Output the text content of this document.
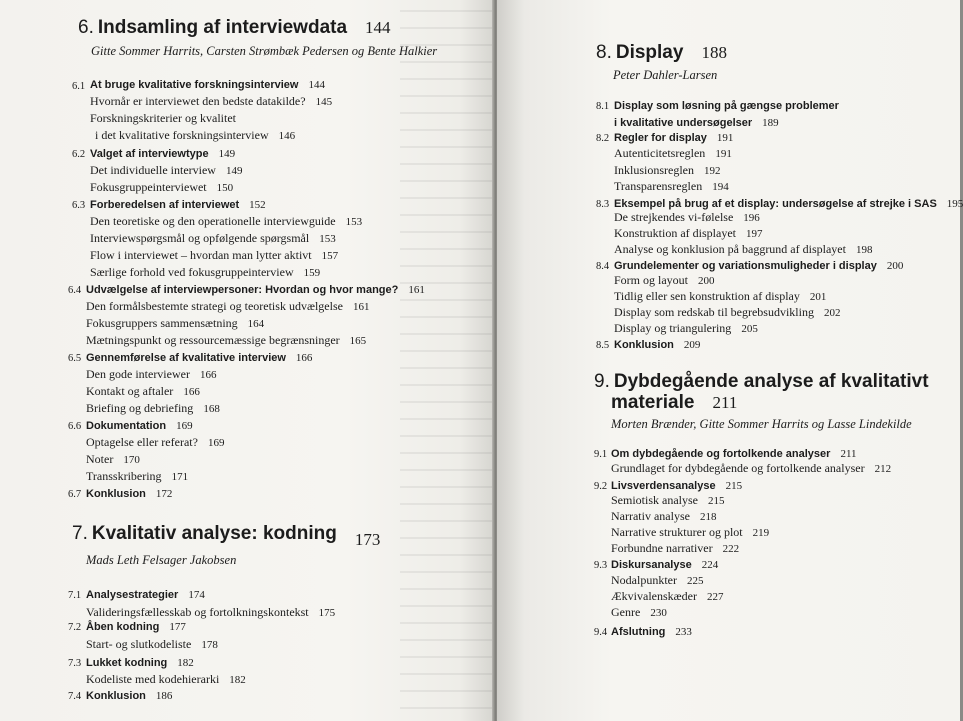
6. Indsamling af interviewdata 144
Gitte Sommer Harrits, Carsten Strømbæk Pedersen og Bente Halkier
6.1 At bruge kvalitative forskningsinterview 144
Hvornår er interviewet den bedste datakilde? 145
Forskningskriterier og kvalitet
i det kvalitative forskningsinterview 146
6.2 Valget af interviewtype 149
Det individuelle interview 149
Fokusgruppeinterviewet 150
6.3 Forberedelsen af interviewet 152
Den teoretiske og den operationelle interviewguide 153
Interviewspørgsmål og opfølgende spørgsmål 153
Flow i interviewet – hvordan man lytter aktivt 157
Særlige forhold ved fokusgruppeinterview 159
6.4 Udvælgelse af interviewpersoner: Hvordan og hvor mange? 161
Den formålsbestemte strategi og teoretisk udvælgelse 161
Fokusgruppers sammensætning 164
Mætningspunkt og ressourcemæssige begrænsninger 165
6.5 Gennemførelse af kvalitative interview 166
Den gode interviewer 166
Kontakt og aftaler 166
Briefing og debriefing 168
6.6 Dokumentation 169
Optagelse eller referat? 169
Noter 170
Transskribering 171
6.7 Konklusion 172
7. Kvalitativ analyse: kodning 173
Mads Leth Felsager Jakobsen
7.1 Analysestrategier 174
Valideringsfællesskab og fortolkningskontekst 175
7.2 Åben kodning 177
Start- og slutkodeliste 178
7.3 Lukket kodning 182
Kodeliste med kodehierarki 182
7.4 Konklusion 186
8. Display 188
Peter Dahler-Larsen
8.1 Display som løsning på gængse problemer
i kvalitative undersøgelser 189
8.2 Regler for display 191
Autenticitetsreglen 191
Inklusionsreglen 192
Transparensreglen 194
8.3 Eksempel på brug af et display: undersøgelse af strejke i SAS 195
De strejkendes vi-følelse 196
Konstruktion af displayet 197
Analyse og konklusion på baggrund af displayet 198
8.4 Grundelementer og variationsmuligheder i display 200
Form og layout 200
Tidlig eller sen konstruktion af display 201
Display som redskab til begrebsudvikling 202
Display og triangulering 205
8.5 Konklusion 209
9. Dybdegående analyse af kvalitativt
materiale 211
Morten Brænder, Gitte Sommer Harrits og Lasse Lindekilde
9.1 Om dybdegående og fortolkende analyser 211
Grundlaget for dybdegående og fortolkende analyser 212
9.2 Livsverdensanalyse 215
Semiotisk analyse 215
Narrativ analyse 218
Narrative strukturer og plot 219
Forbundne narrativer 222
9.3 Diskursanalyse 224
Nodalpunkter 225
Ækvivalenskæder 227
Genre 230
9.4 Afslutning 233
